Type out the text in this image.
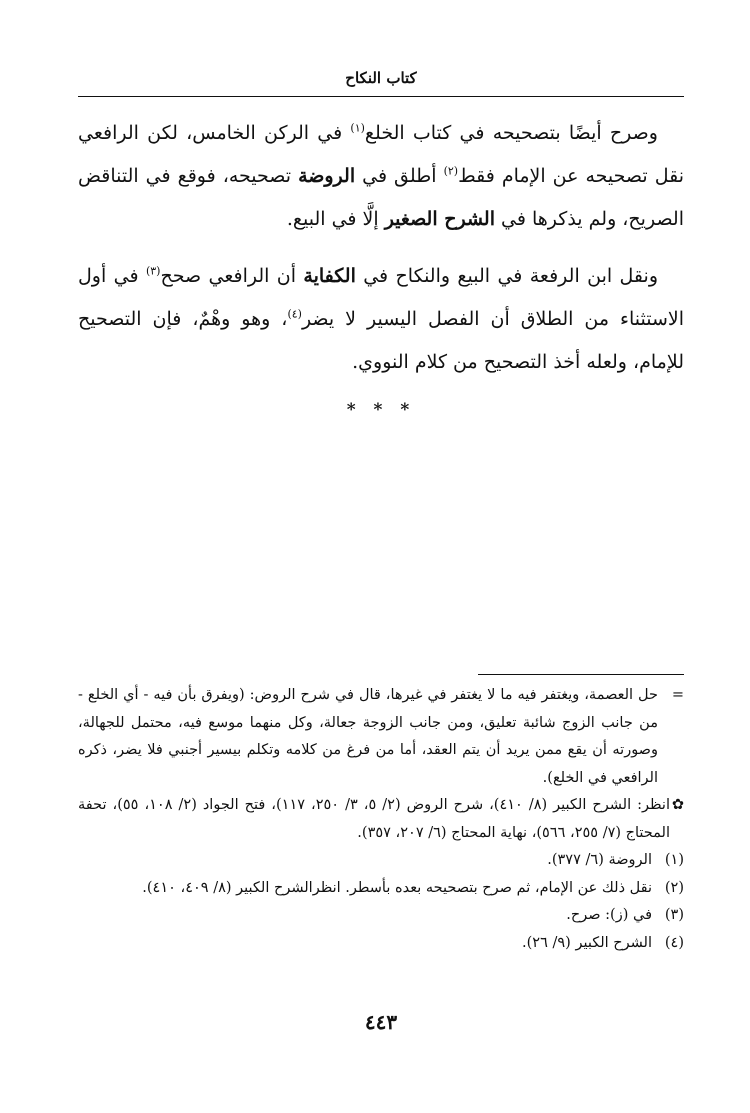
كتاب النكاح

وصرح أيضًا بتصحيحه في كتاب الخلع$^{(١)}$ في الركن الخامس، لكن الرافعي نقل تصحيحه عن الإمام فقط$^{(٢)}$ أطلق في الروضة تصحيحه، فوقع في التناقض الصريح، ولم يذكرها في الشرح الصغير إلَّا في البيع.

ونقل ابن الرفعة في البيع والنكاح في الكفاية أن الرافعي صحح$^{(٣)}$ في أول الاستثناء من الطلاق أن الفصل اليسير لا يضر$^{(٤)}$، وهو وهْمٌ، فإن التصحيح للإمام، ولعله أخذ التصحيح من كلام النووي.

* * *
=
حل العصمة، ويغتفر فيه ما لا يغتفر في غيرها، قال في شرح الروض: (ويفرق بأن فيه - أي الخلع - من جانب الزوج شائبة تعليق، ومن جانب الزوجة جعالة، وكل منهما موسع فيه، محتمل للجهالة، وصورته أن يقع ممن يريد أن يتم العقد، أما من فرغ من كلامه وتكلم بيسير أجنبي فلا يضر، ذكره الرافعي في الخلع).
✿
انظر: الشرح الكبير (٨/ ٤١٠)، شرح الروض (٢/ ٥، ٣/ ٢٥٠، ١١٧)، فتح الجواد (٢/ ١٠٨، ٥٥)، تحفة المحتاج (٧/ ٢٥٥، ٥٦٦)، نهاية المحتاج (٦/ ٢٠٧، ٣٥٧).
(١)
الروضة (٦/ ٣٧٧).
(٢)
نقل ذلك عن الإمام، ثم صرح بتصحيحه بعده بأسطر. انظرالشرح الكبير (٨/ ٤٠٩، ٤١٠).
(٣)
في (ز): صرح.
(٤)
الشرح الكبير (٩/ ٢٦).
٤٤٣
